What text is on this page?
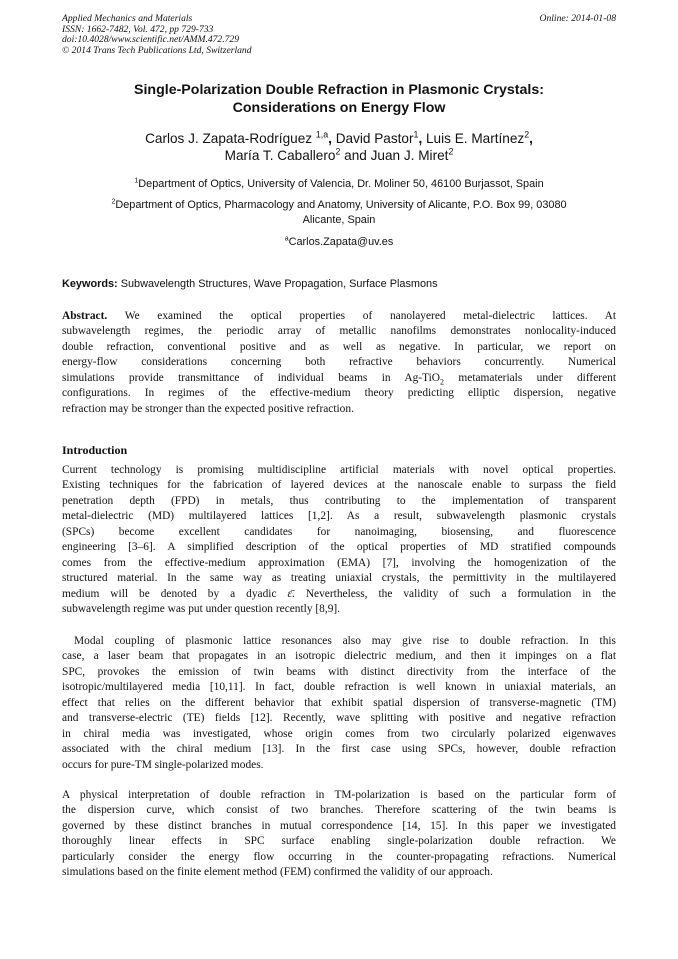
Applied Mechanics and Materials
ISSN: 1662-7482, Vol. 472, pp 729-733
doi:10.4028/www.scientific.net/AMM.472.729
© 2014 Trans Tech Publications Ltd, Switzerland
Online: 2014-01-08
Single-Polarization Double Refraction in Plasmonic Crystals:
Considerations on Energy Flow
Carlos J. Zapata-Rodríguez $^{1,a}$, David Pastor$^1$, Luis E. Martínez$^2$,
María T. Caballero$^2$ and Juan J. Miret$^2$
$^1$Department of Optics, University of Valencia, Dr. Moliner 50, 46100 Burjassot, Spain
$^2$Department of Optics, Pharmacology and Anatomy, University of Alicante, P.O. Box 99, 03080
Alicante, Spain
$^a$Carlos.Zapata@uv.es
Keywords: Subwavelength Structures, Wave Propagation, Surface Plasmons
Abstract. We examined the optical properties of nanolayered metal-dielectric lattices. At
subwavelength regimes, the periodic array of metallic nanofilms demonstrates nonlocality-induced
double refraction, conventional positive and as well as negative. In particular, we report on
energy-flow considerations concerning both refractive behaviors concurrently. Numerical
simulations provide transmittance of individual beams in Ag-TiO$_2$ metamaterials under different
configurations. In regimes of the effective-medium theory predicting elliptic dispersion, negative
refraction may be stronger than the expected positive refraction.
Introduction
Current technology is promising multidiscipline artificial materials with novel optical properties.
Existing techniques for the fabrication of layered devices at the nanoscale enable to surpass the field
penetration depth (FPD) in metals, thus contributing to the implementation of transparent
metal-dielectric (MD) multilayered lattices [1,2]. As a result, subwavelength plasmonic crystals
(SPCs) become excellent candidates for nanoimaging, biosensing, and fluorescence
engineering [3–6]. A simplified description of the optical properties of MD stratified compounds
comes from the effective-medium approximation (EMA) [7], involving the homogenization of the
structured material. In the same way as treating uniaxial crystals, the permittivity in the multilayered
medium will be denoted by a dyadic ε̄. Nevertheless, the validity of such a formulation in the
subwavelength regime was put under question recently [8,9].
Modal coupling of plasmonic lattice resonances also may give rise to double refraction. In this
case, a laser beam that propagates in an isotropic dielectric medium, and then it impinges on a flat
SPC, provokes the emission of twin beams with distinct directivity from the interface of the
isotropic/multilayered media [10,11]. In fact, double refraction is well known in uniaxial materials, an
effect that relies on the different behavior that exhibit spatial dispersion of transverse-magnetic (TM)
and transverse-electric (TE) fields [12]. Recently, wave splitting with positive and negative refraction
in chiral media was investigated, whose origin comes from two circularly polarized eigenwaves
associated with the chiral medium [13]. In the first case using SPCs, however, double refraction
occurs for pure-TM single-polarized modes.
A physical interpretation of double refraction in TM-polarization is based on the particular form of
the dispersion curve, which consist of two branches. Therefore scattering of the twin beams is
governed by these distinct branches in mutual correspondence [14, 15]. In this paper we investigated
thoroughly linear effects in SPC surface enabling single-polarization double refraction. We
particularly consider the energy flow occurring in the counter-propagating refractions. Numerical
simulations based on the finite element method (FEM) confirmed the validity of our approach.
